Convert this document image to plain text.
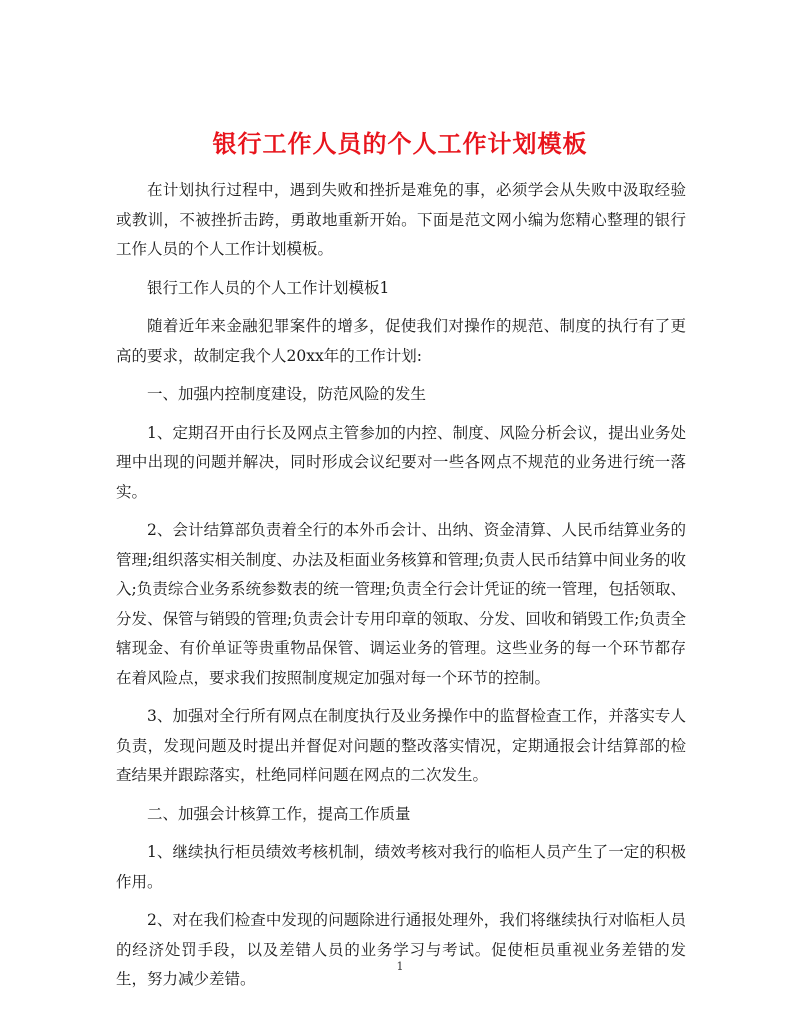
银行工作人员的个人工作计划模板

在计划执行过程中，遇到失败和挫折是难免的事，必须学会从失败中汲取经验或教训，不被挫折击跨，勇敢地重新开始。下面是范文网小编为您精心整理的银行工作人员的个人工作计划模板。

银行工作人员的个人工作计划模板1

随着近年来金融犯罪案件的增多，促使我们对操作的规范、制度的执行有了更高的要求，故制定我个人20xx年的工作计划:

一、加强内控制度建设，防范风险的发生

1、定期召开由行长及网点主管参加的内控、制度、风险分析会议，提出业务处理中出现的问题并解决，同时形成会议纪要对一些各网点不规范的业务进行统一落实。

2、会计结算部负责着全行的本外币会计、出纳、资金清算、人民币结算业务的管理;组织落实相关制度、办法及柜面业务核算和管理;负责人民币结算中间业务的收入;负责综合业务系统参数表的统一管理;负责全行会计凭证的统一管理，包括领取、分发、保管与销毁的管理;负责会计专用印章的领取、分发、回收和销毁工作;负责全辖现金、有价单证等贵重物品保管、调运业务的管理。这些业务的每一个环节都存在着风险点，要求我们按照制度规定加强对每一个环节的控制。

3、加强对全行所有网点在制度执行及业务操作中的监督检查工作，并落实专人负责，发现问题及时提出并督促对问题的整改落实情况，定期通报会计结算部的检查结果并跟踪落实，杜绝同样问题在网点的二次发生。

二、加强会计核算工作，提高工作质量

1、继续执行柜员绩效考核机制，绩效考核对我行的临柜人员产生了一定的积极作用。

2、对在我们检查中发现的问题除进行通报处理外，我们将继续执行对临柜人员的经济处罚手段，以及差错人员的业务学习与考试。促使柜员重视业务差错的发生，努力减少差错。

1
